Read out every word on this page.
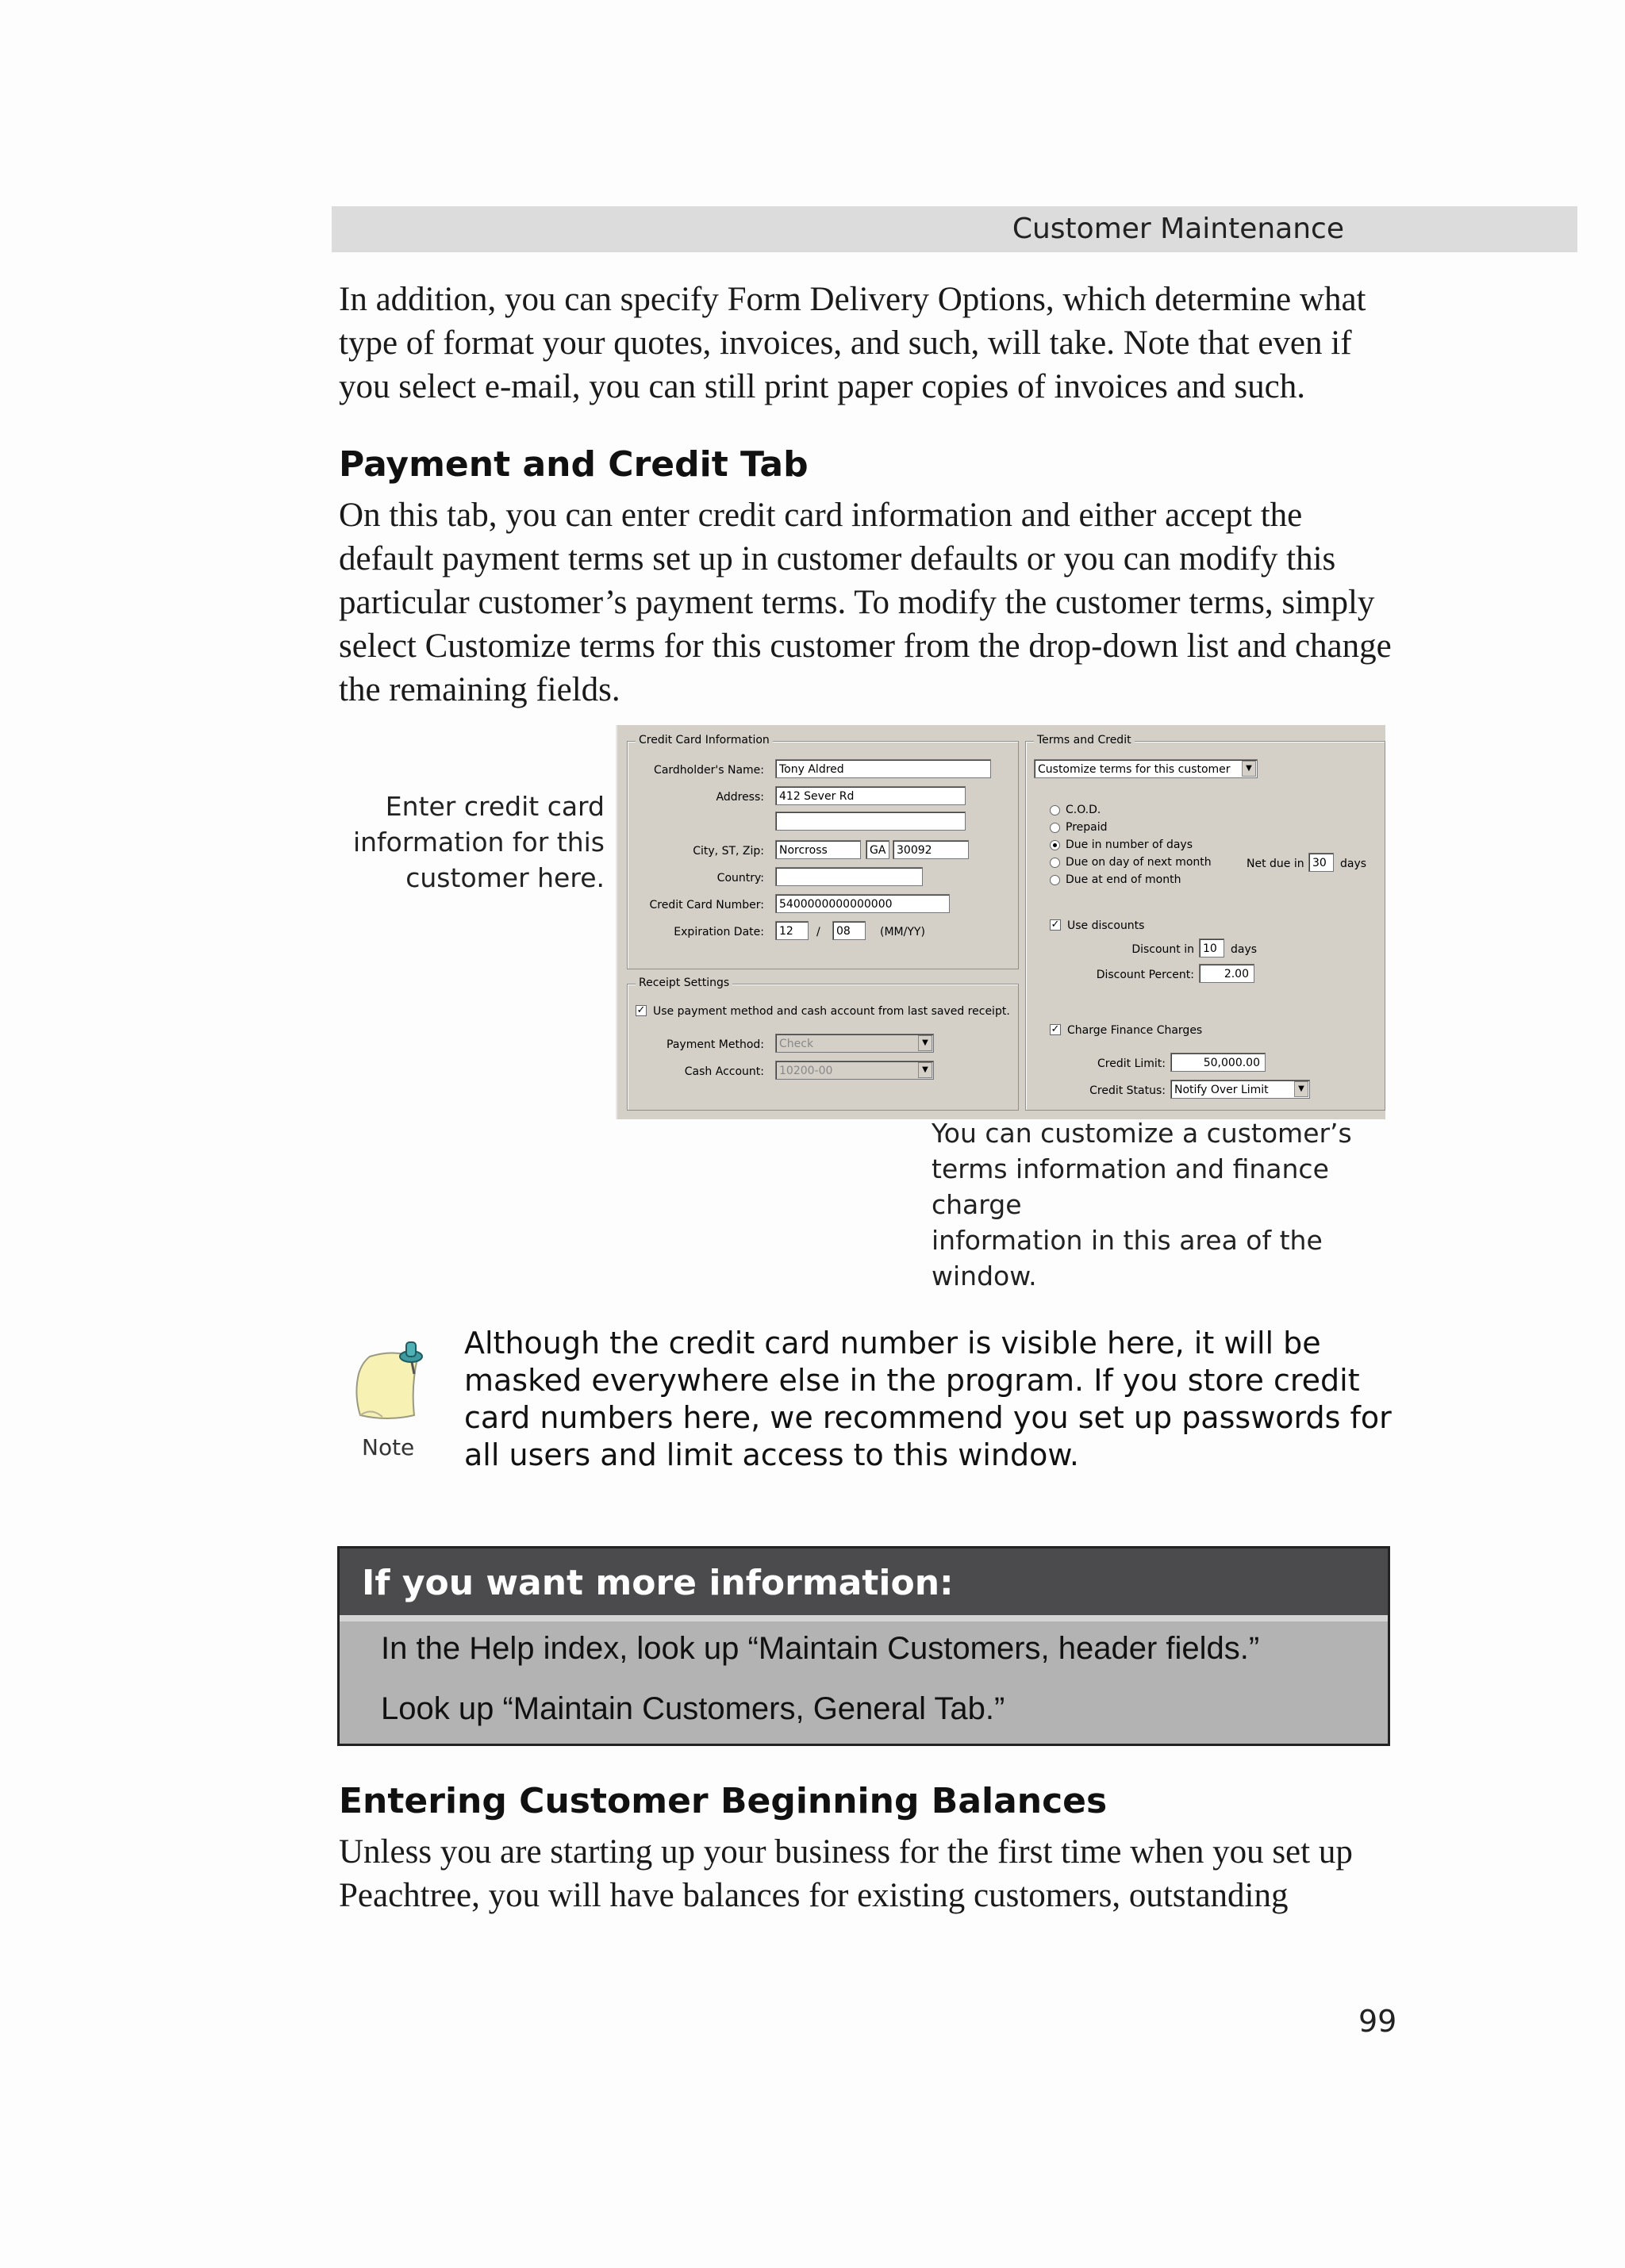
Customer Maintenance

In addition, you can specify Form Delivery Options, which determine what type of format your quotes, invoices, and such, will take. Note that even if you select e-mail, you can still print paper copies of invoices and such.

Payment and Credit Tab

On this tab, you can enter credit card information and either accept the default payment terms set up in customer defaults or you can modify this particular customer’s payment terms. To modify the customer terms, simply select Customize terms for this customer from the drop-down list and change the remaining fields.

Enter credit card
information for this
customer here.
Credit Card Information
Cardholder's Name:	Tony Aldred
Address:	412 Sever Rd
City, ST, Zip:	Norcross	GA 30092
Country:
Credit Card Number:	5400000000000000
Expiration Date:	12	/	08	(MM/YY)
Receipt Settings
✓ Use payment method and cash account from last saved receipt.
Payment Method:	Check	▼
Cash Account:	10200-00	▼
Terms and Credit
Customize terms for this customer	▼
C.O.D.
Prepaid
Due in number of days
Due on day of next month
Due at end of month
Net due in 30	days
✓ Use discounts
Discount in 10	days
Discount Percent:	2.00
✓ Charge Finance Charges
Credit Limit:	50,000.00
Credit Status: Notify Over Limit	▼
You can customize a customer’s
terms information and finance charge
information in this area of the
window.
Note

Although the credit card number is visible here, it will be masked everywhere else in the program. If you store credit card numbers here, we recommend you set up passwords for all users and limit access to this window.

If you want more information:
In the Help index, look up “Maintain Customers, header fields.”
Look up “Maintain Customers, General Tab.”
Entering Customer Beginning Balances

Unless you are starting up your business for the first time when you set up Peachtree, you will have balances for existing customers, outstanding

99
